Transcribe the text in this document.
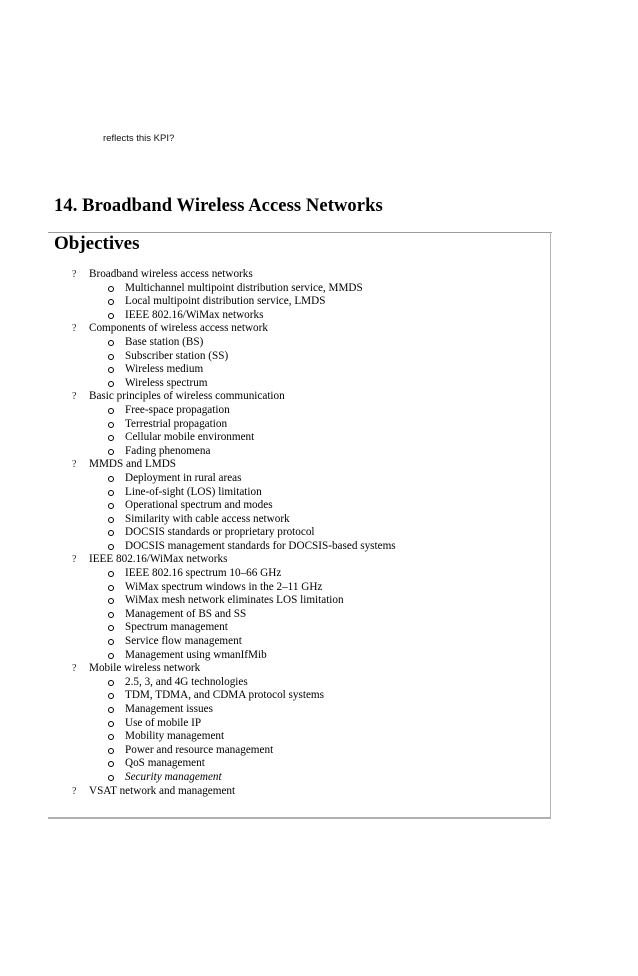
reflects this KPI?
14. Broadband Wireless Access Networks
Objectives
? Broadband wireless access networks
Multichannel multipoint distribution service, MMDS
Local multipoint distribution service, LMDS
IEEE 802.16/WiMax networks
? Components of wireless access network
Base station (BS)
Subscriber station (SS)
Wireless medium
Wireless spectrum
? Basic principles of wireless communication
Free-space propagation
Terrestrial propagation
Cellular mobile environment
Fading phenomena
? MMDS and LMDS
Deployment in rural areas
Line-of-sight (LOS) limitation
Operational spectrum and modes
Similarity with cable access network
DOCSIS standards or proprietary protocol
DOCSIS management standards for DOCSIS-based systems
? IEEE 802.16/WiMax networks
IEEE 802.16 spectrum 10–66 GHz
WiMax spectrum windows in the 2–11 GHz
WiMax mesh network eliminates LOS limitation
Management of BS and SS
Spectrum management
Service flow management
Management using wmanIfMib
? Mobile wireless network
2.5, 3, and 4G technologies
TDM, TDMA, and CDMA protocol systems
Management issues
Use of mobile IP
Mobility management
Power and resource management
QoS management
Security management
? VSAT network and management
